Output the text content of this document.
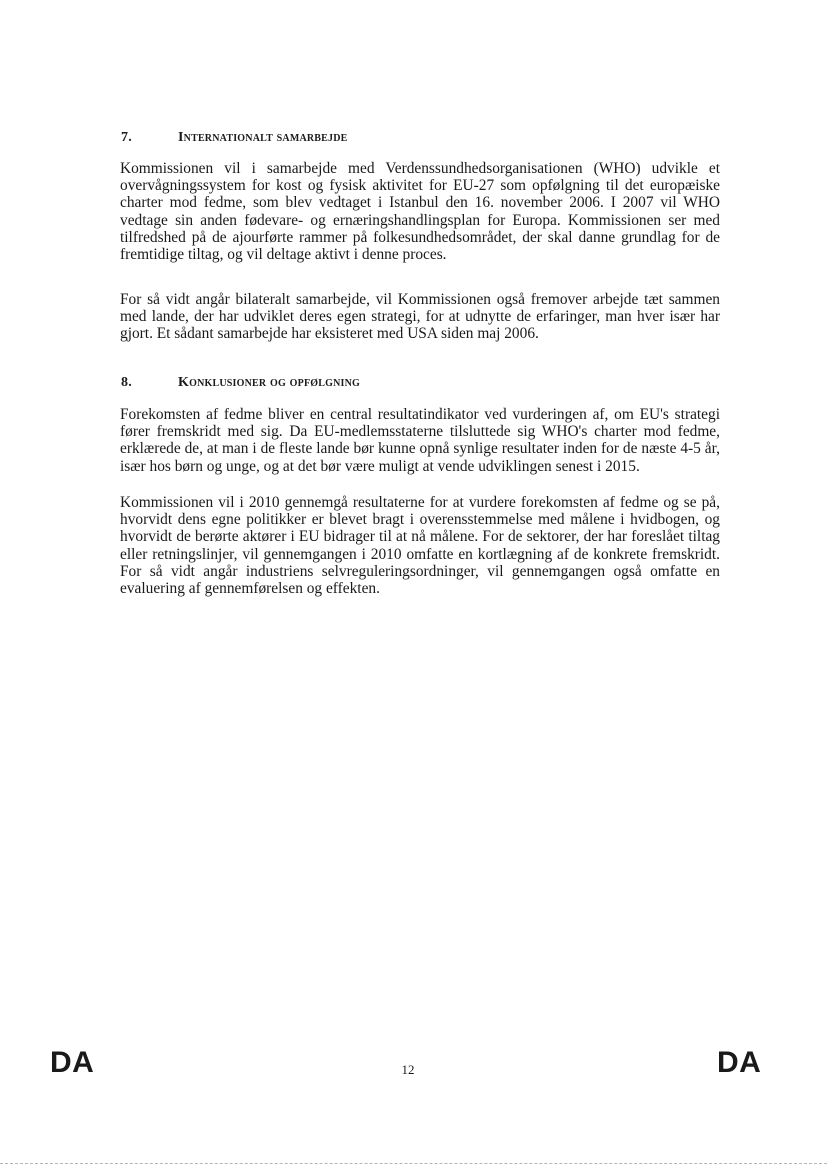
7.	Internationalt samarbejde

Kommissionen vil i samarbejde med Verdenssundhedsorganisationen (WHO) udvikle et overvågningssystem for kost og fysisk aktivitet for EU-27 som opfølgning til det europæiske charter mod fedme, som blev vedtaget i Istanbul den 16. november 2006. I 2007 vil WHO vedtage sin anden fødevare- og ernæringshandlingsplan for Europa. Kommissionen ser med tilfredshed på de ajourførte rammer på folkesundhedsområdet, der skal danne grundlag for de fremtidige tiltag, og vil deltage aktivt i denne proces.

For så vidt angår bilateralt samarbejde, vil Kommissionen også fremover arbejde tæt sammen med lande, der har udviklet deres egen strategi, for at udnytte de erfaringer, man hver især har gjort. Et sådant samarbejde har eksisteret med USA siden maj 2006.

8.	Konklusioner og opfølgning

Forekomsten af fedme bliver en central resultatindikator ved vurderingen af, om EU's strategi fører fremskridt med sig. Da EU-medlemsstaterne tilsluttede sig WHO's charter mod fedme, erklærede de, at man i de fleste lande bør kunne opnå synlige resultater inden for de næste 4-5 år, især hos børn og unge, og at det bør være muligt at vende udviklingen senest i 2015.

Kommissionen vil i 2010 gennemgå resultaterne for at vurdere forekomsten af fedme og se på, hvorvidt dens egne politikker er blevet bragt i overensstemmelse med målene i hvidbogen, og hvorvidt de berørte aktører i EU bidrager til at nå målene. For de sektorer, der har foreslået tiltag eller retningslinjer, vil gennemgangen i 2010 omfatte en kortlægning af de konkrete fremskridt. For så vidt angår industriens selvreguleringsordninger, vil gennemgangen også omfatte en evaluering af gennemførelsen og effekten.

DA	12	DA
